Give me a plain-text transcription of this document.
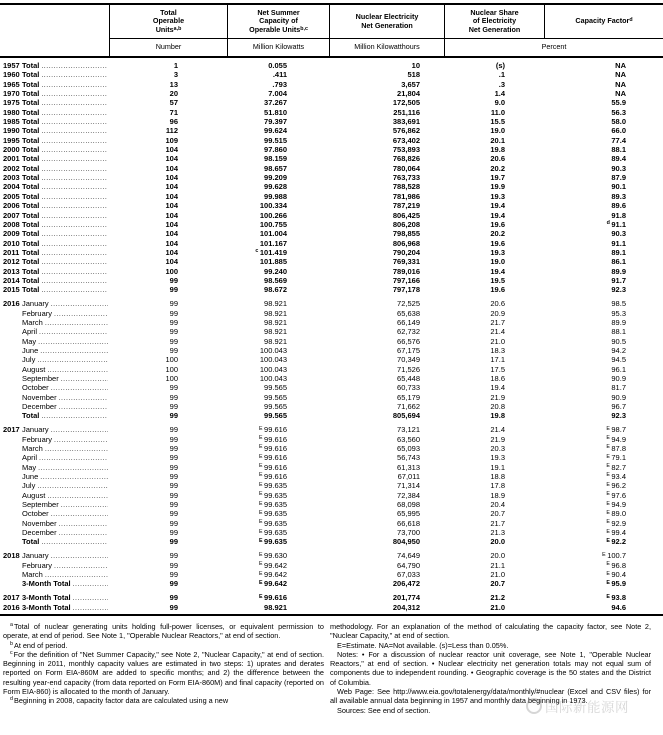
Total
Operable
Units$^{a,b}$
Net Summer
Capacity of
Operable Units$^{b,c}$
Nuclear Electricity
Net Generation
Nuclear Share
of Electricity
Net Generation
Capacity Factor$^d$
Number	Million Kilowatts	Million Kilowatthours	Percent
1957 Total .....	1	0.055	10	(s)	NA
1960 Total .....	3	.411	518	.1	NA
1965 Total .....	13	.793	3,657	.3	NA
1970 Total .....	20	7.004	21,804	1.4	NA
1975 Total .....	57	37.267	172,505	9.0	55.9
1980 Total .....	71	51.810	251,116	11.0	56.3
1985 Total .....	96	79.397	383,691	15.5	58.0
1990 Total .....	112	99.624	576,862	19.0	66.0
1995 Total .....	109	99.515	673,402	20.1	77.4
2000 Total .....	104	97.860	753,893	19.8	88.1
2001 Total .....	104	98.159	768,826	20.6	89.4
2002 Total .....	104	98.657	780,064	20.2	90.3
2003 Total .....	104	99.209	763,733	19.7	87.9
2004 Total .....	104	99.628	788,528	19.9	90.1
2005 Total .....	104	99.988	781,986	19.3	89.3
2006 Total .....	104	100.334	787,219	19.4	89.6
2007 Total .....	104	100.266	806,425	19.4	91.8
2008 Total .....	104	100.755	806,208	19.6	$^d$ 91.1
2009 Total .....	104	101.004	798,855	20.2	90.3
2010 Total .....	104	101.167	806,968	19.6	91.1
2011 Total .....	104	$^c$ 101.419	790,204	19.3	89.1
2012 Total .....	104	101.885	769,331	19.0	86.1
2013 Total .....	100	99.240	789,016	19.4	89.9
2014 Total .....	99	98.569	797,166	19.5	91.7
2015 Total .....	99	98.672	797,178	19.6	92.3
2016 January .....	99	98.921	72,525	20.6	98.5
February .....	99	98.921	65,638	20.9	95.3
March .....	99	98.921	66,149	21.7	89.9
April .....	99	98.921	62,732	21.4	88.1
May .....	99	98.921	66,576	21.0	90.5
June .....	99	100.043	67,175	18.3	94.2
July .....	100	100.043	70,349	17.1	94.5
August .....	100	100.043	71,526	17.5	96.1
September .....	100	100.043	65,448	18.6	90.9
October .....	99	99.565	60,733	19.4	81.7
November .....	99	99.565	65,179	21.9	90.9
December .....	99	99.565	71,662	20.8	96.7
Total .....	99	99.565	805,694	19.8	92.3
2017 January .....	99	$^E$ 99.616	73,121	21.4	$^E$ 98.7
February .....	99	$^E$ 99.616	63,560	21.9	$^E$ 94.9
March .....	99	$^E$ 99.616	65,093	20.3	$^E$ 87.8
April .....	99	$^E$ 99.616	56,743	19.3	$^E$ 79.1
May .....	99	$^E$ 99.616	61,313	19.1	$^E$ 82.7
June .....	99	$^E$ 99.616	67,011	18.8	$^E$ 93.4
July .....	99	$^E$ 99.635	71,314	17.8	$^E$ 96.2
August .....	99	$^E$ 99.635	72,384	18.9	$^E$ 97.6
September .....	99	$^E$ 99.635	68,098	20.4	$^E$ 94.9
October .....	99	$^E$ 99.635	65,995	20.7	$^E$ 89.0
November .....	99	$^E$ 99.635	66,618	21.7	$^E$ 92.9
December .....	99	$^E$ 99.635	73,700	21.3	$^E$ 99.4
Total .....	99	$^E$ 99.635	804,950	20.0	$^E$ 92.2
2018 January .....	99	$^E$ 99.630	74,649	20.0	$^E$ 100.7
February .....	99	$^E$ 99.642	64,790	21.1	$^E$ 96.8
March .....	99	$^E$ 99.642	67,033	21.0	$^E$ 90.4
3-Month Total .....	99	$^E$ 99.642	206,472	20.7	$^E$ 95.9
2017 3-Month Total .....	99	$^E$ 99.616	201,774	21.2	$^E$ 93.8
2016 3-Month Total .....	99	98.921	204,312	21.0	94.6

$^a$Total of nuclear generating units holding full-power licenses, or equivalent permission to operate, at end of period. See Note 1, "Operable Nuclear Reactors," at end of section.

$^b$At end of period.

$^c$For the definition of "Net Summer Capacity," see Note 2, "Nuclear Capacity," at end of section. Beginning in 2011, monthly capacity values are estimated in two steps: 1) uprates and derates reported on Form EIA-860M are added to specific months; and 2) the difference between the resulting year-end capacity (from data reported on Form EIA-860M) and final capacity (reported on Form EIA-860) is allocated to the month of January.

$^d$Beginning in 2008, capacity factor data are calculated using a new

methodology. For an explanation of the method of calculating the capacity factor, see Note 2, "Nuclear Capacity," at end of section.

E=Estimate. NA=Not available. (s)=Less than 0.05%.

Notes: • For a discussion of nuclear reactor unit coverage, see Note 1, "Operable Nuclear Reactors," at end of section. • Nuclear electricity net generation totals may not equal sum of components due to independent rounding. • Geographic coverage is the 50 states and the District of Columbia.

Web Page: See http://www.eia.gov/totalenergy/data/monthly/#nuclear (Excel and CSV files) for all available annual data beginning in 1957 and monthly data beginning in 1973.

Sources: See end of section.	国际新能源网
